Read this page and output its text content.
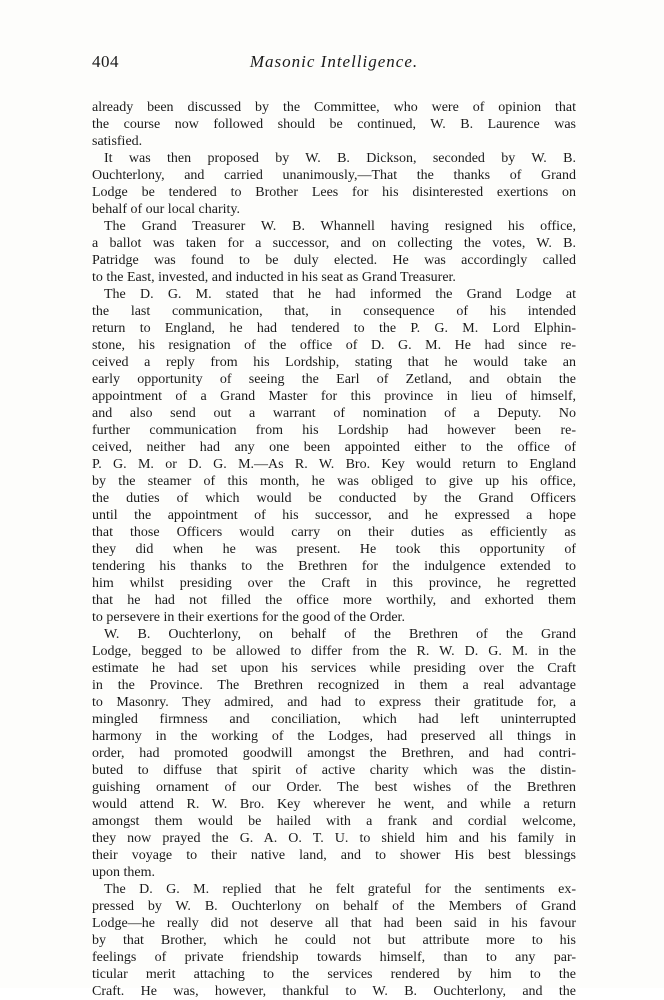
404	Masonic Intelligence.
already been discussed by the Committee, who were of opinion that
the course now followed should be continued, W. B. Laurence was
satisfied.
It was then proposed by W. B. Dickson, seconded by W. B.
Ouchterlony, and carried unanimously,—That the thanks of Grand
Lodge be tendered to Brother Lees for his disinterested exertions on
behalf of our local charity.
The Grand Treasurer W. B. Whannell having resigned his office,
a ballot was taken for a successor, and on collecting the votes, W. B.
Patridge was found to be duly elected. He was accordingly called
to the East, invested, and inducted in his seat as Grand Treasurer.
The D. G. M. stated that he had informed the Grand Lodge at
the last communication, that, in consequence of his intended
return to England, he had tendered to the P. G. M. Lord Elphin-
stone, his resignation of the office of D. G. M. He had since re-
ceived a reply from his Lordship, stating that he would take an
early opportunity of seeing the Earl of Zetland, and obtain the
appointment of a Grand Master for this province in lieu of himself,
and also send out a warrant of nomination of a Deputy. No
further communication from his Lordship had however been re-
ceived, neither had any one been appointed either to the office of
P. G. M. or D. G. M.—As R. W. Bro. Key would return to England
by the steamer of this month, he was obliged to give up his office,
the duties of which would be conducted by the Grand Officers
until the appointment of his successor, and he expressed a hope
that those Officers would carry on their duties as efficiently as
they did when he was present. He took this opportunity of
tendering his thanks to the Brethren for the indulgence extended to
him whilst presiding over the Craft in this province, he regretted
that he had not filled the office more worthily, and exhorted them
to persevere in their exertions for the good of the Order.
W. B. Ouchterlony, on behalf of the Brethren of the Grand
Lodge, begged to be allowed to differ from the R. W. D. G. M. in the
estimate he had set upon his services while presiding over the Craft
in the Province. The Brethren recognized in them a real advantage
to Masonry. They admired, and had to express their gratitude for, a
mingled firmness and conciliation, which had left uninterrupted
harmony in the working of the Lodges, had preserved all things in
order, had promoted goodwill amongst the Brethren, and had contri-
buted to diffuse that spirit of active charity which was the distin-
guishing ornament of our Order. The best wishes of the Brethren
would attend R. W. Bro. Key wherever he went, and while a return
amongst them would be hailed with a frank and cordial welcome,
they now prayed the G. A. O. T. U. to shield him and his family in
their voyage to their native land, and to shower His best blessings
upon them.
The D. G. M. replied that he felt grateful for the sentiments ex-
pressed by W. B. Ouchterlony on behalf of the Members of Grand
Lodge—he really did not deserve all that had been said in his favour
by that Brother, which he could not but attribute more to his
feelings of private friendship towards himself, than to any par-
ticular merit attaching to the services rendered by him to the
Craft. He was, however, thankful to W. B. Ouchterlony, and the
